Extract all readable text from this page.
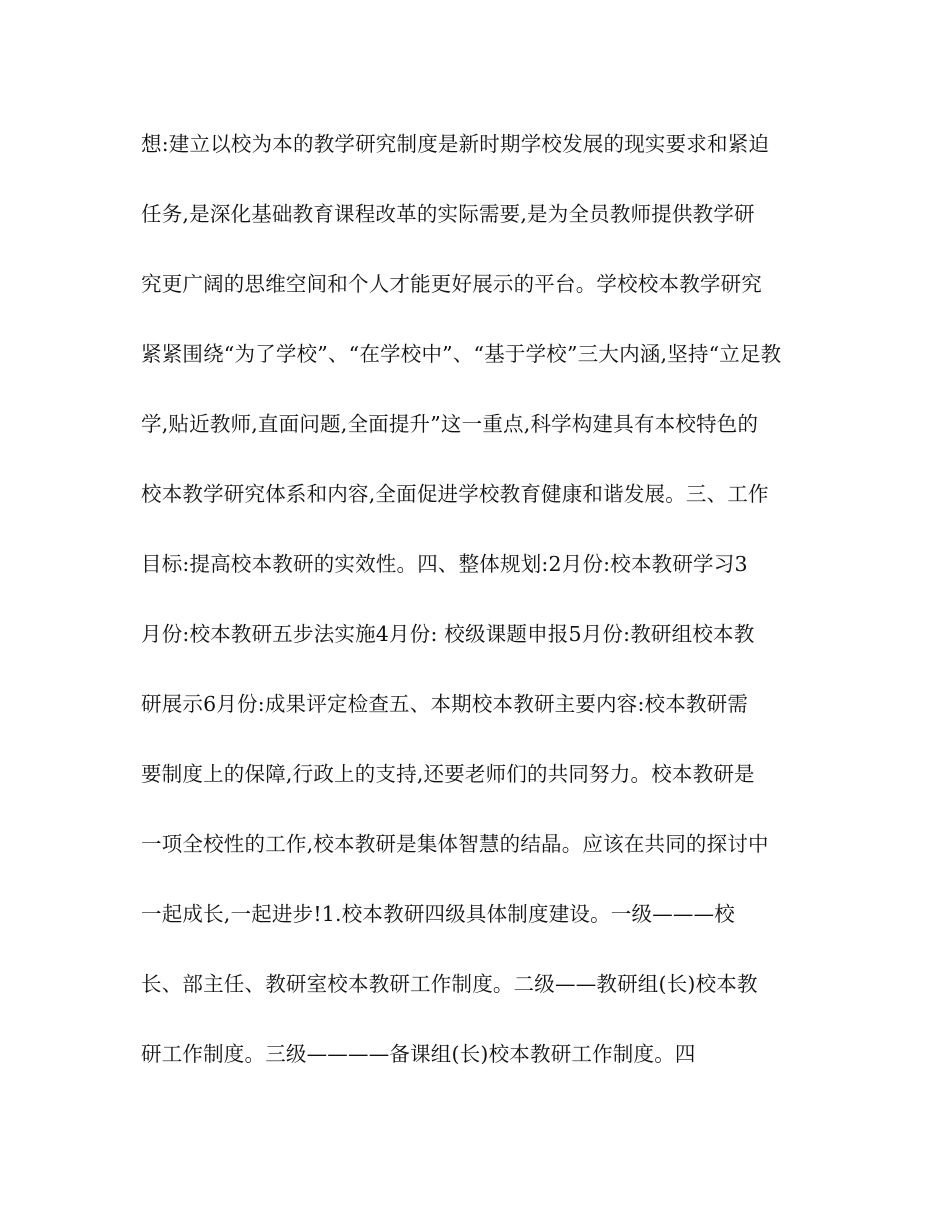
想:建立以校为本的教学研究制度是新时期学校发展的现实要求和紧迫
任务,是深化基础教育课程改革的实际需要,是为全员教师提供教学研
究更广阔的思维空间和个人才能更好展示的平台。学校校本教学研究
紧紧围绕“为了学校”、“在学校中”、“基于学校”三大内涵,坚持“立足教
学,贴近教师,直面问题,全面提升”这一重点,科学构建具有本校特色的
校本教学研究体系和内容,全面促进学校教育健康和谐发展。三、工作
目标:提高校本教研的实效性。四、整体规划:2月份:校本教研学习3
月份:校本教研五步法实施4月份: 校级课题申报5月份:教研组校本教
研展示6月份:成果评定检查五、本期校本教研主要内容:校本教研需
要制度上的保障,行政上的支持,还要老师们的共同努力。校本教研是
一项全校性的工作,校本教研是集体智慧的结晶。应该在共同的探讨中
一起成长,一起进步!1.校本教研四级具体制度建设。一级———校
长、部主任、教研室校本教研工作制度。二级——教研组(长)校本教
研工作制度。三级————备课组(长)校本教研工作制度。四
